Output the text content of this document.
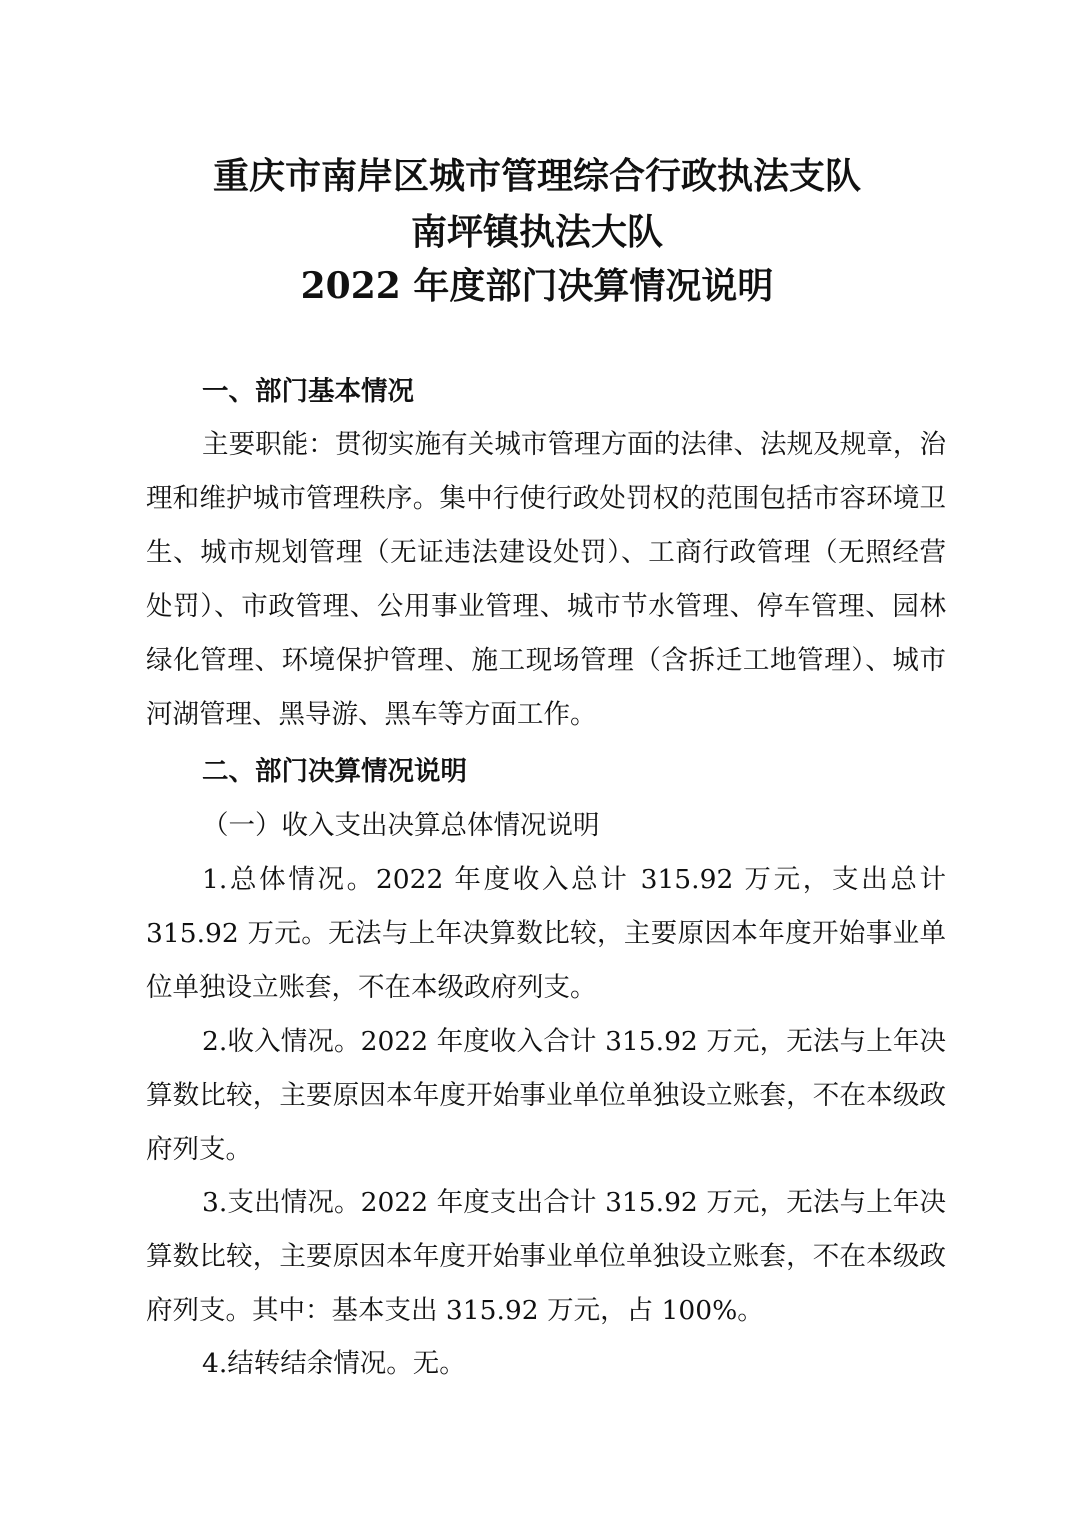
重庆市南岸区城市管理综合行政执法支队
南坪镇执法大队
2022 年度部门决算情况说明
一、部门基本情况
主要职能：贯彻实施有关城市管理方面的法律、法规及规章，治理和维护城市管理秩序。集中行使行政处罚权的范围包括市容环境卫生、城市规划管理（无证违法建设处罚）、工商行政管理（无照经营处罚）、市政管理、公用事业管理、城市节水管理、停车管理、园林绿化管理、环境保护管理、施工现场管理（含拆迁工地管理）、城市河湖管理、黑导游、黑车等方面工作。
二、部门决算情况说明
（一）收入支出决算总体情况说明
1.总体情况。2022 年度收入总计 315.92 万元，支出总计 315.92 万元。无法与上年决算数比较，主要原因本年度开始事业单位单独设立账套，不在本级政府列支。
2.收入情况。2022 年度收入合计 315.92 万元，无法与上年决算数比较，主要原因本年度开始事业单位单独设立账套，不在本级政府列支。
3.支出情况。2022 年度支出合计 315.92 万元，无法与上年决算数比较，主要原因本年度开始事业单位单独设立账套，不在本级政府列支。其中：基本支出 315.92 万元，占 100%。
4.结转结余情况。无。
